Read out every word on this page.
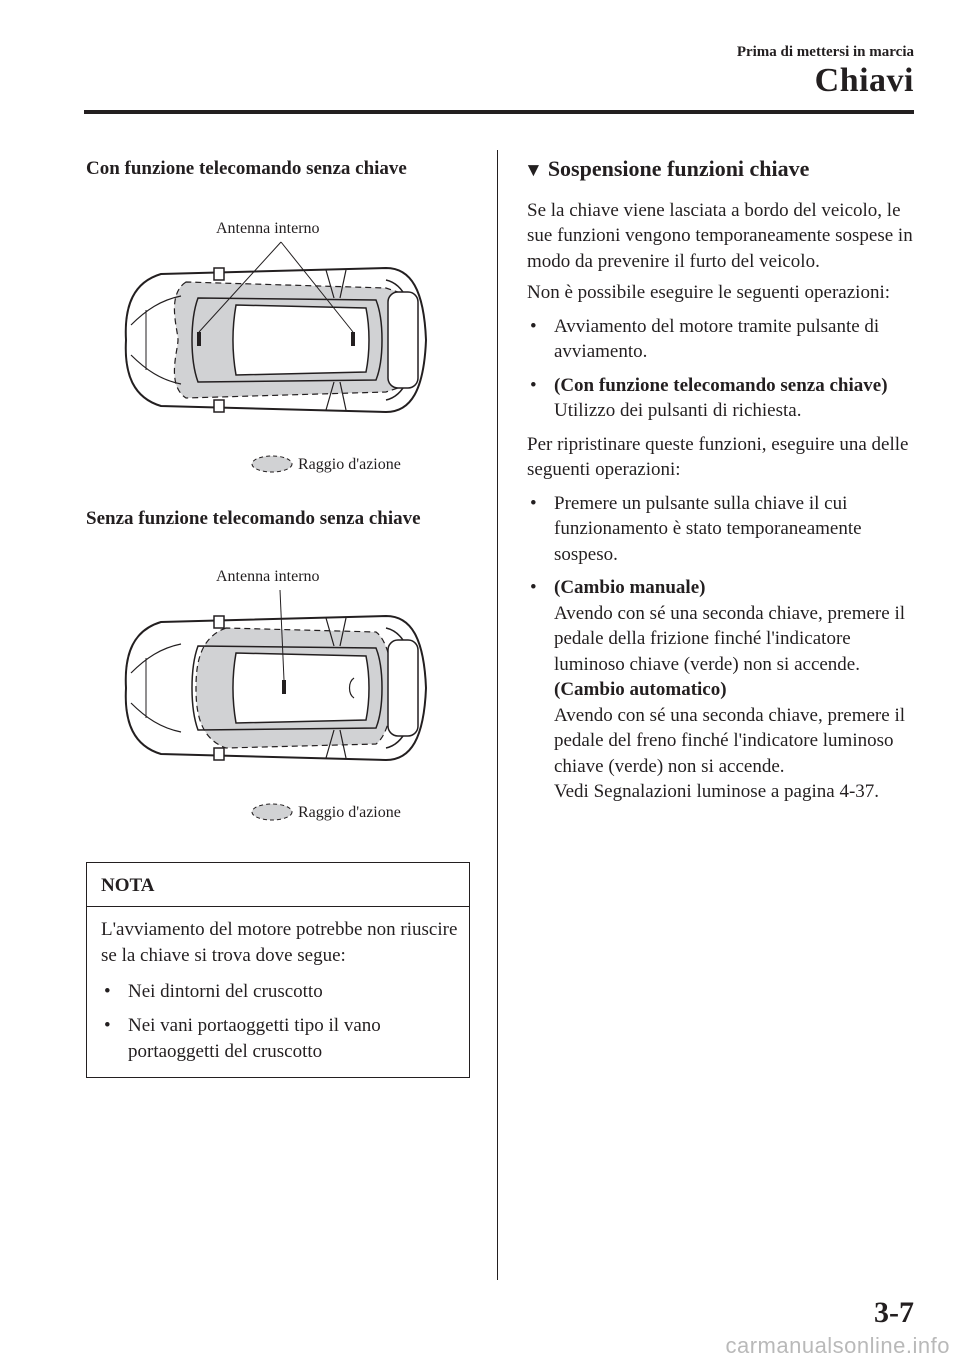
Prima di mettersi in marcia
Chiavi

Con funzione telecomando senza chiave

Antenna interno
Raggio d'azione

Senza funzione telecomando senza chiave

Antenna interno
Raggio d'azione
NOTA

L'avviamento del motore potrebbe non riuscire se la chiave si trova dove segue:

• Nei dintorni del cruscotto
• Nei vani portaoggetti tipo il vano portaoggetti del cruscotto
▼ Sospensione funzioni chiave

Se la chiave viene lasciata a bordo del veicolo, le sue funzioni vengono temporaneamente sospese in modo da prevenire il furto del veicolo.

Non è possibile eseguire le seguenti operazioni:

• Avviamento del motore tramite pulsante di avviamento.
• (Con funzione telecomando senza chiave)
Utilizzo dei pulsanti di richiesta.

Per ripristinare queste funzioni, eseguire una delle seguenti operazioni:

• Premere un pulsante sulla chiave il cui funzionamento è stato temporaneamente sospeso.
• (Cambio manuale)
Avendo con sé una seconda chiave, premere il pedale della frizione finché l'indicatore luminoso chiave (verde) non si accende.
(Cambio automatico)
Avendo con sé una seconda chiave, premere il pedale del freno finché l'indicatore luminoso chiave (verde) non si accende.
Vedi Segnalazioni luminose a pagina 4-37.
3-7
carmanualsonline.info
